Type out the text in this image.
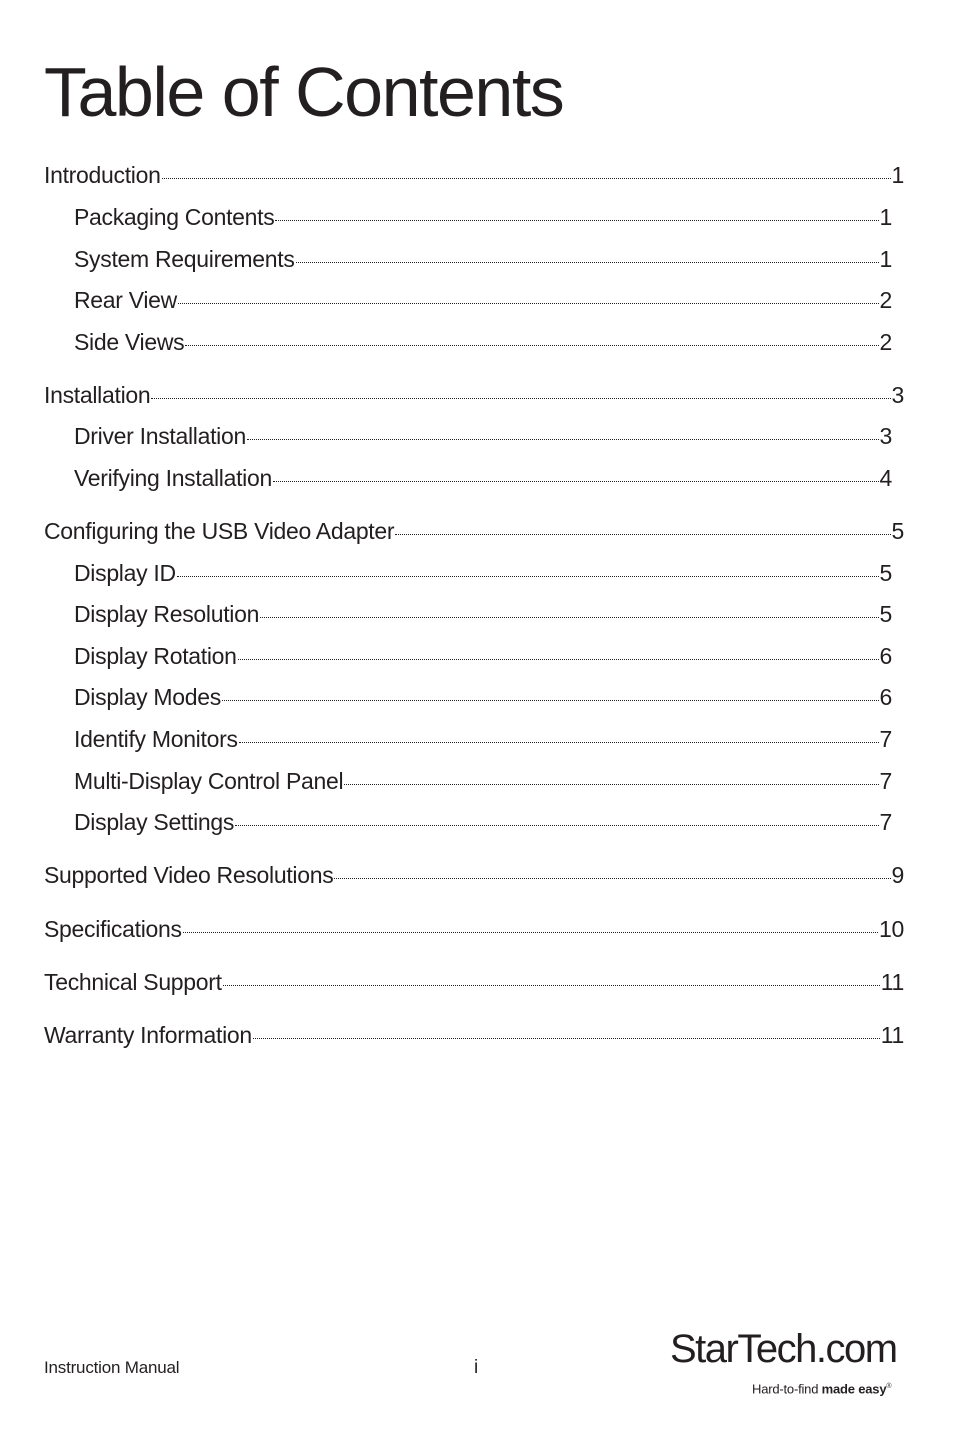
Table of Contents
Introduction	1
Packaging Contents	1
System Requirements	1
Rear View	2
Side Views	2
Installation	3
Driver Installation	3
Verifying Installation	4
Configuring the USB Video Adapter	5
Display ID	5
Display Resolution	5
Display Rotation	6
Display Modes	6
Identify Monitors	7
Multi-Display Control Panel	7
Display Settings	7
Supported Video Resolutions	9
Specifications	10
Technical Support	11
Warranty Information	11
Instruction Manual	i	StarTech.com
Hard-to-find made easy®
